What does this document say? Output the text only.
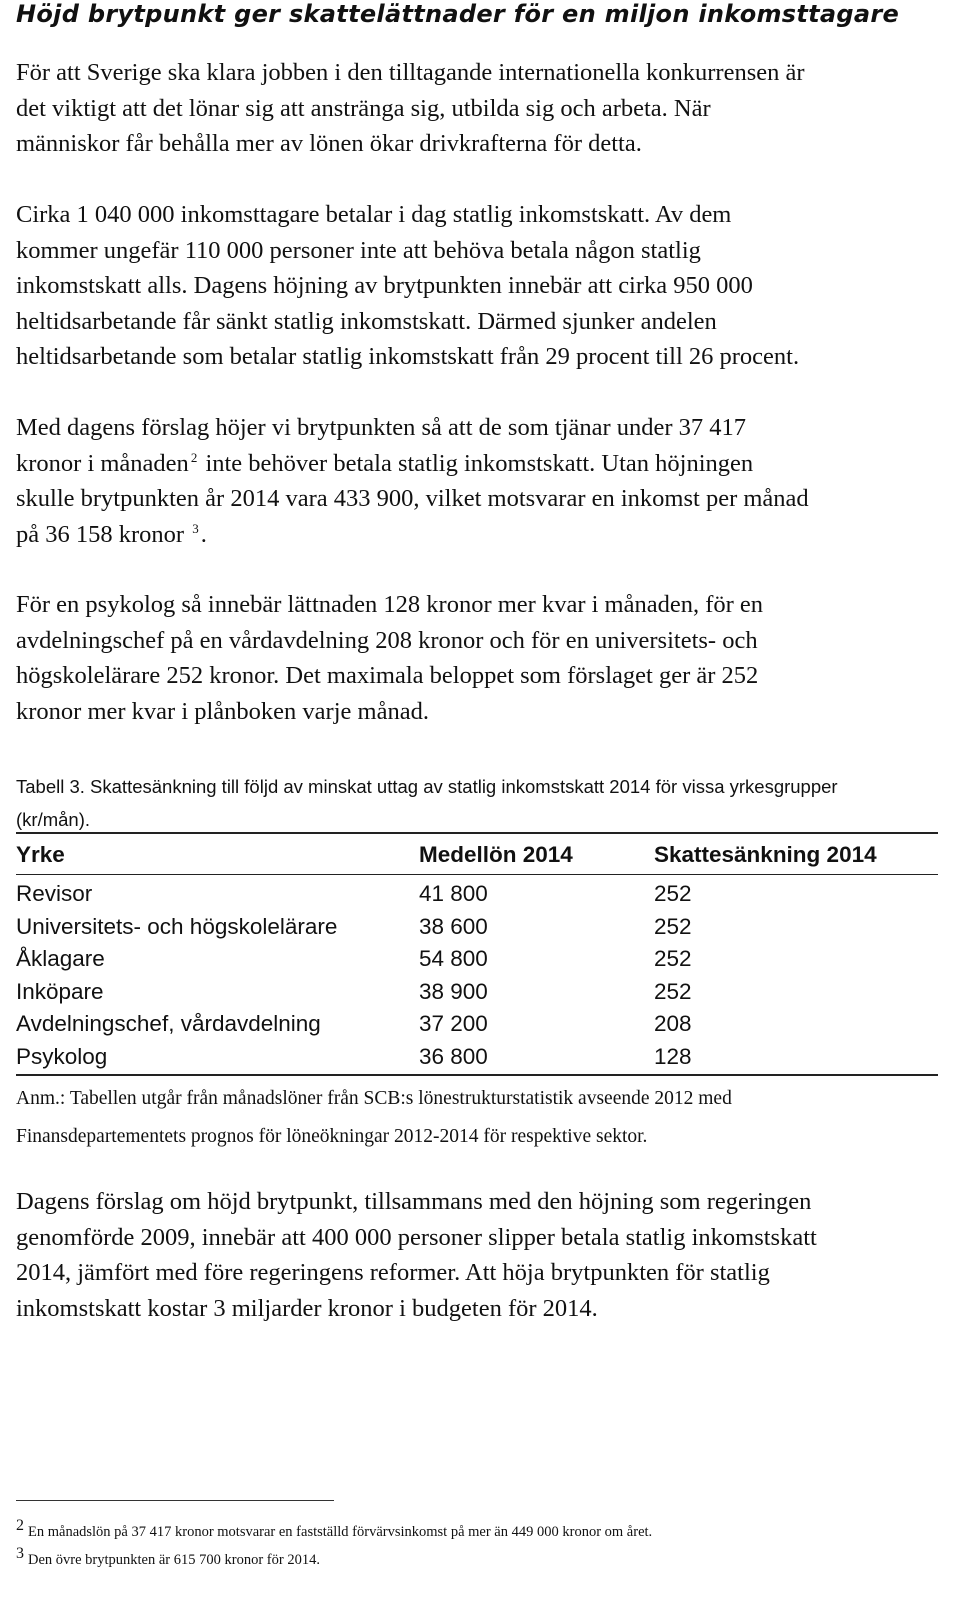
Höjd brytpunkt ger skattelättnader för en miljon inkomsttagare
För att Sverige ska klara jobben i den tilltagande internationella konkurrensen är
det viktigt att det lönar sig att anstränga sig, utbilda sig och arbeta. När
människor får behålla mer av lönen ökar drivkrafterna för detta.
Cirka 1 040 000 inkomsttagare betalar i dag statlig inkomstskatt. Av dem
kommer ungefär 110 000 personer inte att behöva betala någon statlig
inkomstskatt alls. Dagens höjning av brytpunkten innebär att cirka 950 000
heltidsarbetande får sänkt statlig inkomstskatt. Därmed sjunker andelen
heltidsarbetande som betalar statlig inkomstskatt från 29 procent till 26 procent.
Med dagens förslag höjer vi brytpunkten så att de som tjänar under 37 417
kronor i månaden $^2$ inte behöver betala statlig inkomstskatt. Utan höjningen
skulle brytpunkten år 2014 vara 433 900, vilket motsvarar en inkomst per månad
på 36 158 kronor $^3$.
För en psykolog så innebär lättnaden 128 kronor mer kvar i månaden, för en
avdelningschef på en vårdavdelning 208 kronor och för en universitets- och
högskolelärare 252 kronor. Det maximala beloppet som förslaget ger är 252
kronor mer kvar i plånboken varje månad.
Tabell 3. Skattesänkning till följd av minskat uttag av statlig inkomstskatt 2014 för vissa yrkesgrupper
(kr/mån).
Yrke	Medellön 2014	Skattesänkning 2014

Revisor	41 800	252
Universitets- och högskolelärare	38 600	252
Åklagare	54 800	252
Inköpare	38 900	252
Avdelningschef, vårdavdelning	37 200	208
Psykolog	36 800	128
Anm.: Tabellen utgår från månadslöner från SCB:s lönestrukturstatistik avseende 2012 med
Finansdepartementets prognos för löneökningar 2012-2014 för respektive sektor.
Dagens förslag om höjd brytpunkt, tillsammans med den höjning som regeringen
genomförde 2009, innebär att 400 000 personer slipper betala statlig inkomstskatt
2014, jämfört med före regeringens reformer. Att höja brytpunkten för statlig
inkomstskatt kostar 3 miljarder kronor i budgeten för 2014.
2 En månadslön på 37 417 kronor motsvarar en fastställd förvärvsinkomst på mer än 449 000 kronor om året.
3 Den övre brytpunkten är 615 700 kronor för 2014.
